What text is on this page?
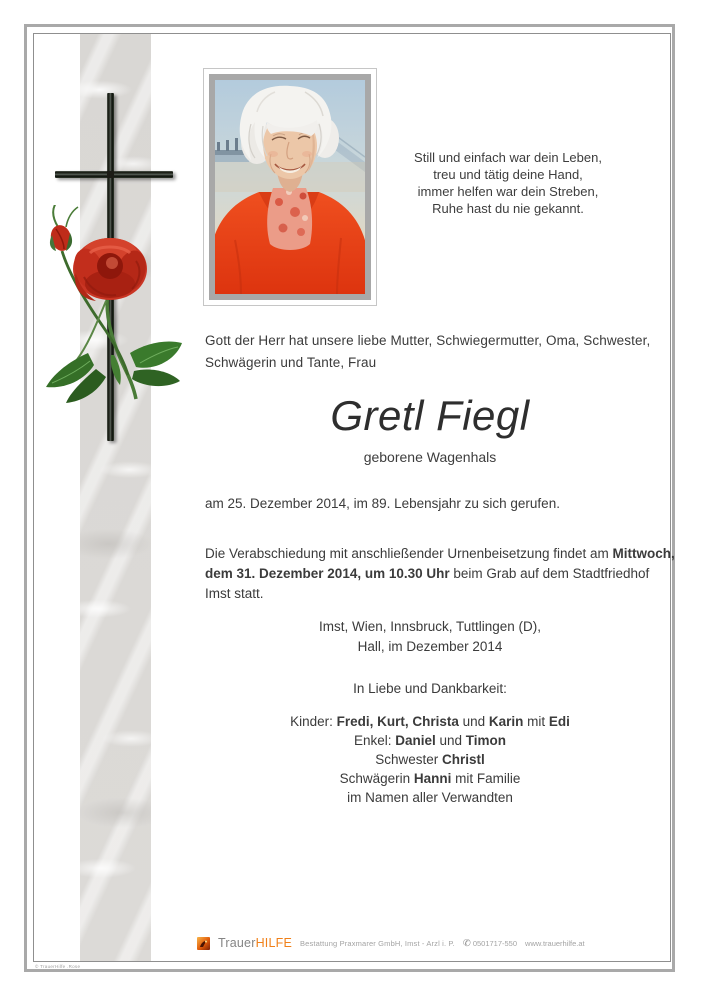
Still und einfach war dein Leben,
treu und tätig deine Hand,
immer helfen war dein Streben,
Ruhe hast du nie gekannt.
Gott der Herr hat unsere liebe Mutter, Schwiegermutter, Oma, Schwester,
Schwägerin und Tante, Frau
Gretl Fiegl
geborene Wagenhals
am 25. Dezember 2014, im 89. Lebensjahr zu sich gerufen.
Die Verabschiedung mit anschließender Urnenbeisetzung findet am Mittwoch,
dem 31. Dezember 2014, um 10.30 Uhr beim Grab auf dem Stadtfriedhof
Imst statt.
Imst, Wien, Innsbruck, Tuttlingen (D),
Hall, im Dezember 2014
In Liebe und Dankbarkeit:
Kinder: Fredi, Kurt, Christa und Karin mit Edi
Enkel: Daniel und Timon
Schwester Christl
Schwägerin Hanni mit Familie
im Namen aller Verwandten
TrauerHILFE Bestattung Praxmarer GmbH, Imst - Arzl i. P. ✆ 0501717-550 www.trauerhilfe.at
© TrauerHilfe .Rose
